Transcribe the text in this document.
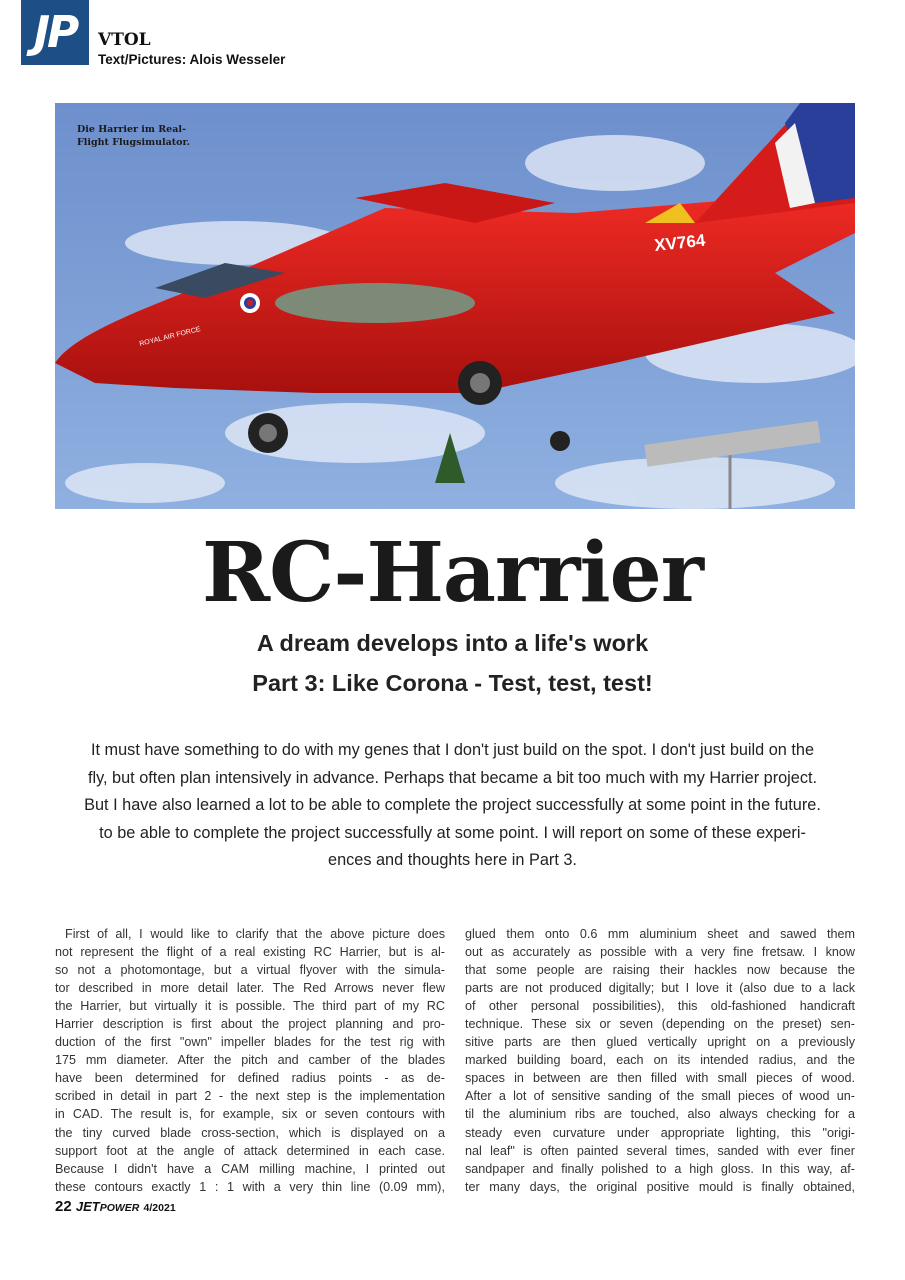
JP	VTOL
Text/Pictures: Alois Wesseler
XV764
ROYAL AIR FORCE
Die Harrier im Real-Flight Flugsimulator.
RC-Harrier
A dream develops into a life's work
Part 3: Like Corona - Test, test, test!
It must have something to do with my genes that I don't just build on the spot. I don't just build on the
fly, but often plan intensively in advance. Perhaps that became a bit too much with my Harrier project.
But I have also learned a lot to be able to complete the project successfully at some point in the future.
to be able to complete the project successfully at some point. I will report on some of these experi-
ences and thoughts here in Part 3.
First of all, I would like to clarify that the above picture does
not represent the flight of a real existing RC Harrier, but is al-
so not a photomontage, but a virtual flyover with the simula-
tor described in more detail later. The Red Arrows never flew
the Harrier, but virtually it is possible. The third part of my RC
Harrier description is first about the project planning and pro-
duction of the first "own" impeller blades for the test rig with
175 mm diameter. After the pitch and camber of the blades
have been determined for defined radius points - as de-
scribed in detail in part 2 - the next step is the implementation
in CAD. The result is, for example, six or seven contours with
the tiny curved blade cross-section, which is displayed on a
support foot at the angle of attack determined in each case.
Because I didn't have a CAM milling machine, I printed out
these contours exactly 1 : 1 with a very thin line (0.09 mm),
glued them onto 0.6 mm aluminium sheet and sawed them
out as accurately as possible with a very fine fretsaw. I know
that some people are raising their hackles now because the
parts are not produced digitally; but I love it (also due to a lack
of other personal possibilities), this old-fashioned handicraft
technique. These six or seven (depending on the preset) sen-
sitive parts are then glued vertically upright on a previously
marked building board, each on its intended radius, and the
spaces in between are then filled with small pieces of wood.
After a lot of sensitive sanding of the small pieces of wood un-
til the aluminium ribs are touched, also always checking for a
steady even curvature under appropriate lighting, this "origi-
nal leaf" is often painted several times, sanded with ever finer
sandpaper and finally polished to a high gloss. In this way, af-
ter many days, the original positive mould is finally obtained,
22 JETPOWER 4/2021
